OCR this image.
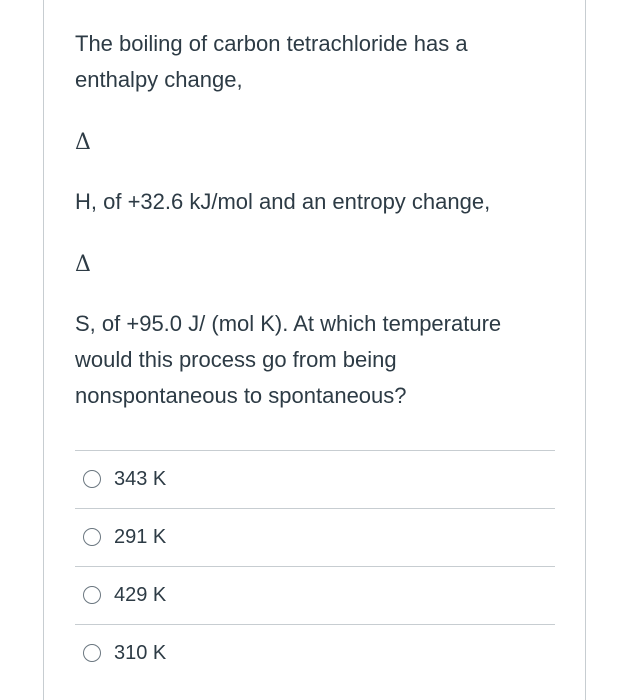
The boiling of carbon tetrachloride has a
enthalpy change,
Δ
H, of +32.6 kJ/mol and an entropy change,
Δ
S, of +95.0 J/ (mol K). At which temperature
would this process go from being
nonspontaneous to spontaneous?
343 K
291 K
429 K
310 K
